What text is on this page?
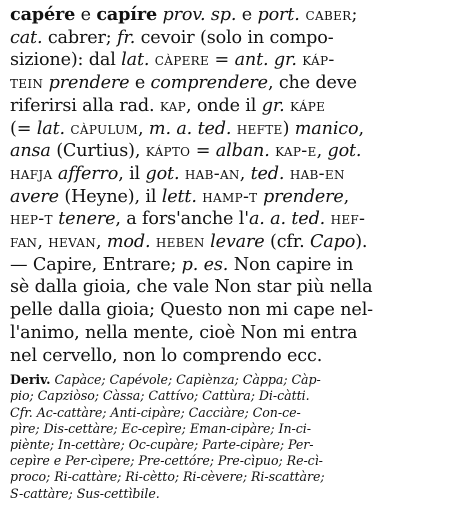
capére e capíre prov. sp. e port. caber;
cat. cabrer; fr. cevoir (solo in compo-
sizione): dal lat. càpere = ant. gr. káp-
tein prendere e comprendere, che deve
riferirsi alla rad. kap, onde il gr. kápe
(= lat. càpulum, m. a. ted. hefte) manico,
ansa (Curtius), kápto = alban. kap-e, got.
hafja afferro, il got. hab-an, ted. hab-en
avere (Heyne), il lett. hamp-t prendere,
hep-t tenere, a fors'anche l'a. a. ted. hef-
fan, hevan, mod. heben levare (cfr. Capo).
— Capire, Entrare; p. es. Non capire in
sè dalla gioia, che vale Non star più nella
pelle dalla gioia; Questo non mi cape nel-
l'animo, nella mente, cioè Non mi entra
nel cervello, non lo comprendo ecc.
Deriv. Capàce; Capévole; Capiènza; Càppa; Càp-
pio; Capziòso; Càssa; Cattívo; Cattùra; Di-càtti.
Cfr. Ac-cattàre; Anti-cipàre; Cacciàre; Con-ce-
pìre; Dis-cettàre; Ec-cepìre; Eman-cipàre; In-ci-
piènte; In-cettàre; Oc-cupàre; Parte-cipàre; Per-
cepìre e Per-cìpere; Pre-cettóre; Pre-cìpuo; Re-cì-
proco; Ri-cattàre; Ri-cètto; Ri-cèvere; Ri-scattàre;
S-cattàre; Sus-cettìbile.
